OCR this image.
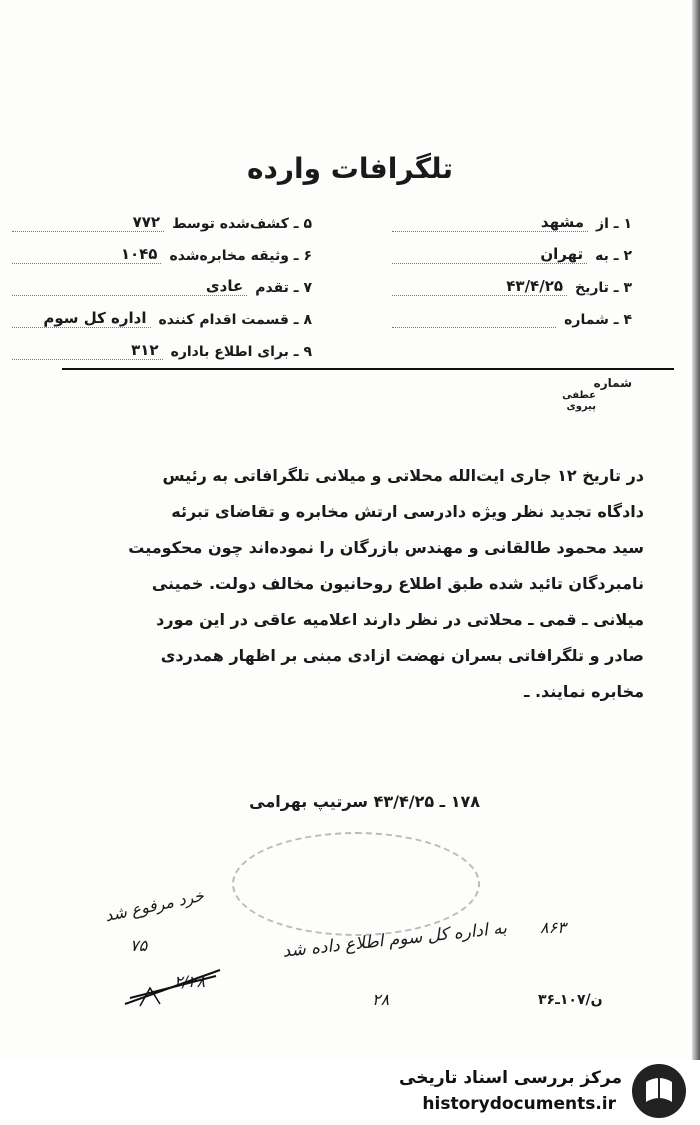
تلگرافات وارده
۱ ـ از
مشهد
۲ ـ به
تهران
۳ ـ تاریخ
۴۳/۴/۲۵
۴ ـ شماره
۵ ـ کشف‌شده توسط
۷۷۲
۶ ـ وثیقه مخابره‌شده
۱۰۴۵
۷ ـ تقدم
عادی
۸ ـ قسمت اقدام کننده
اداره کل سوم
۹ ـ برای اطلاع باداره
۳۱۲
شماره
عطفی
پیروی
در تاریخ ۱۲ جاری ایت‌الله محلاتی و میلانی تلگرافاتی به رئیس
دادگاه تجدید نظر ویژه دادرسی ارتش مخابره و تقاضای تبرئه
سید محمود طالقانی و مهندس بازرگان را نموده‌اند چون محکومیت
نامبردگان تائید شده طبق اطلاع روحانیون مخالف دولت. خمینی
میلانی ـ قمی ـ محلاتی در نظر دارند اعلامیه عاقی در این مورد
صادر و تلگرافاتی بسران نهضت ازادی مبنی بر اظهار همدردی
مخابره نمایند. ـ
۱۷۸ ـ ۴۳/۴/۲۵ سرتیپ بهرامی
خرد مرفوع شد
به اداره کل سوم اطلاع داده شد ۸۶۳
۲۸
۷۵
۲/۲۸
ن/۱۰۷ـ۳۶
مرکز بررسی اسناد تاریخی
historydocuments.ir
